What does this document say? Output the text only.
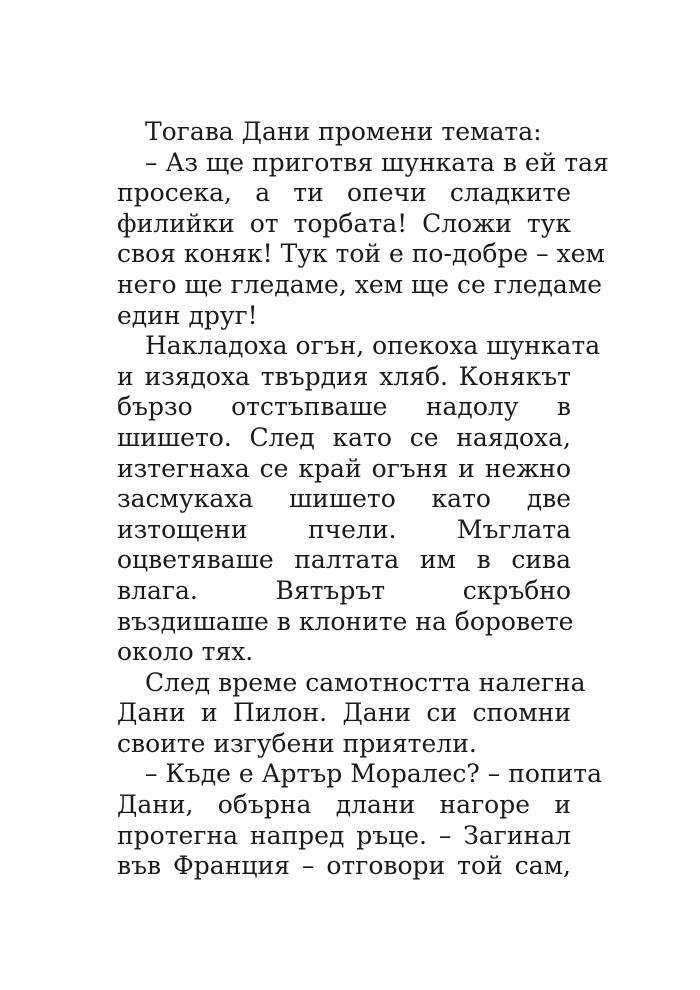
Тогава Дани промени темата:
– Аз ще приготвя шунката в ей тая
просека, а ти опечи сладките
филийки от торбата! Сложи тук
своя коняк! Тук той е по-добре – хем
него ще гледаме, хем ще се гледаме
един друг!
Накладоха огън, опекоха шунката
и изядоха твърдия хляб. Конякът
бързо отстъпваше надолу в
шишето. След като се наядоха,
изтегнаха се край огъня и нежно
засмукаха шишето като две
изтощени пчели. Мъглата
оцветяваше палтата им в сива
влага. Вятърът скръбно
въздишаше в клоните на боровете
около тях.
След време самотността налегна
Дани и Пилон. Дани си спомни
своите изгубени приятели.
– Къде е Артър Моралес? – попита
Дани, обърна длани нагоре и
протегна напред ръце. – Загинал
във Франция – отговори той сам,
